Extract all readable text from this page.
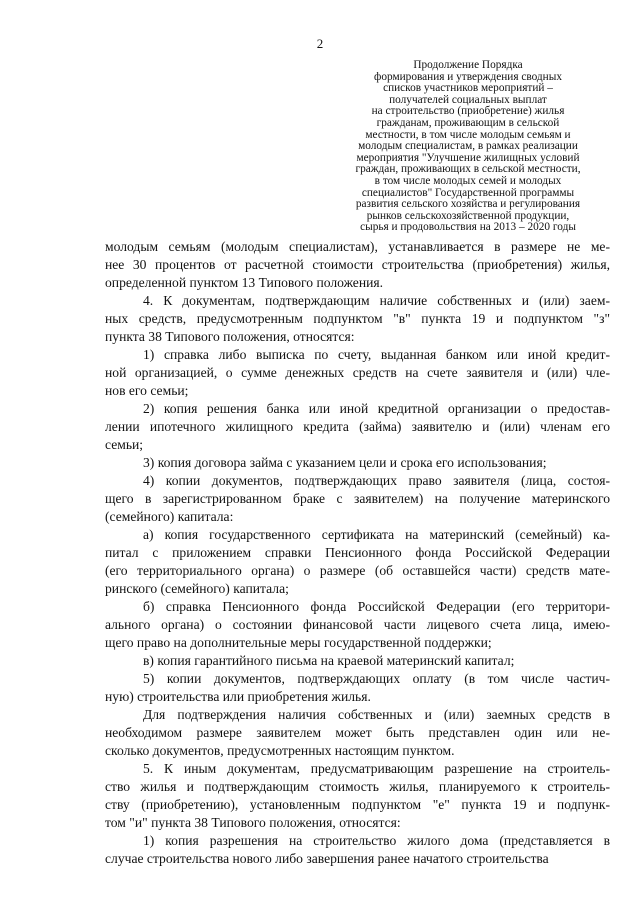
2
Продолжение Порядка
формирования и утверждения сводных
списков участников мероприятий –
получателей социальных выплат
на строительство (приобретение) жилья
гражданам, проживающим в сельской
местности, в том числе молодым семьям и
молодым специалистам, в рамках реализации
мероприятия "Улучшение жилищных условий
граждан, проживающих в сельской местности,
в том числе молодых семей и молодых
специалистов" Государственной программы
развития сельского хозяйства и регулирования
рынков сельскохозяйственной продукции,
сырья и продовольствия на 2013 – 2020 годы
молодым семьям (молодым специалистам), устанавливается в размере не ме-
нее 30 процентов от расчетной стоимости строительства (приобретения) жилья,
определенной пунктом 13 Типового положения.
4. К документам, подтверждающим наличие собственных и (или) заем-
ных средств, предусмотренным подпунктом "в" пункта 19 и подпунктом "з"
пункта 38 Типового положения, относятся:
1) справка либо выписка по счету, выданная банком или иной кредит-
ной организацией, о сумме денежных средств на счете заявителя и (или) чле-
нов его семьи;
2) копия решения банка или иной кредитной организации о предостав-
лении ипотечного жилищного кредита (займа) заявителю и (или) членам его
семьи;
3) копия договора займа с указанием цели и срока его использования;
4) копии документов, подтверждающих право заявителя (лица, состоя-
щего в зарегистрированном браке с заявителем) на получение материнского
(семейного) капитала:
а) копия государственного сертификата на материнский (семейный) ка-
питал с приложением справки Пенсионного фонда Российской Федерации
(его территориального органа) о размере (об оставшейся части) средств мате-
ринского (семейного) капитала;
б) справка Пенсионного фонда Российской Федерации (его территори-
ального органа) о состоянии финансовой части лицевого счета лица, имею-
щего право на дополнительные меры государственной поддержки;
в) копия гарантийного письма на краевой материнский капитал;
5) копии документов, подтверждающих оплату (в том числе частич-
ную) строительства или приобретения жилья.
Для подтверждения наличия собственных и (или) заемных средств в
необходимом размере заявителем может быть представлен один или не-
сколько документов, предусмотренных настоящим пунктом.
5. К иным документам, предусматривающим разрешение на строитель-
ство жилья и подтверждающим стоимость жилья, планируемого к строитель-
ству (приобретению), установленным подпунктом "е" пункта 19 и подпунк-
том "и" пункта 38 Типового положения, относятся:
1) копия разрешения на строительство жилого дома (представляется в
случае строительства нового либо завершения ранее начатого строительства
